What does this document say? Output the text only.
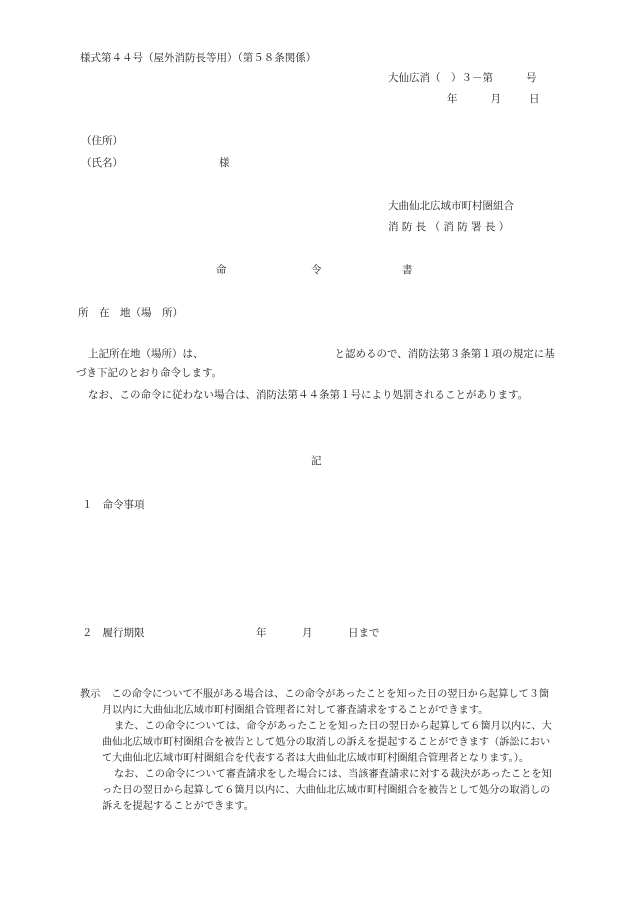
様式第４４号（屋外消防長等用）（第５８条関係）
大仙広消（　）３－第	号
年	月	日
（住所）
（氏名）	様
大曲仙北広域市町村圏組合
消 防 長 （ 消 防 署 長 ）
命	令	書
所　在　地（場　所）
上記所在地（場所）は、	と認めるので、消防法第３条第１項の規定に基づき下記のとおり命令します。
なお、この命令に従わない場合は、消防法第４４条第１号により処罰されることがあります。
記
１ 命令事項
２ 履行期限	年	月	日まで

教示 この命令について不服がある場合は、この命令があったことを知った日の翌日から起算して３箇月以内に大曲仙北広域市町村圏組合管理者に対して審査請求をすることができます。

また、この命令については、命令があったことを知った日の翌日から起算して６箇月以内に、大曲仙北広域市町村圏組合を被告として処分の取消しの訴えを提起することができます（訴訟において大曲仙北広域市町村圏組合を代表する者は大曲仙北広域市町村圏組合管理者となります。）。

なお、この命令について審査請求をした場合には、当該審査請求に対する裁決があったことを知った日の翌日から起算して６箇月以内に、大曲仙北広域市町村圏組合を被告として処分の取消しの訴えを提起することができます。
